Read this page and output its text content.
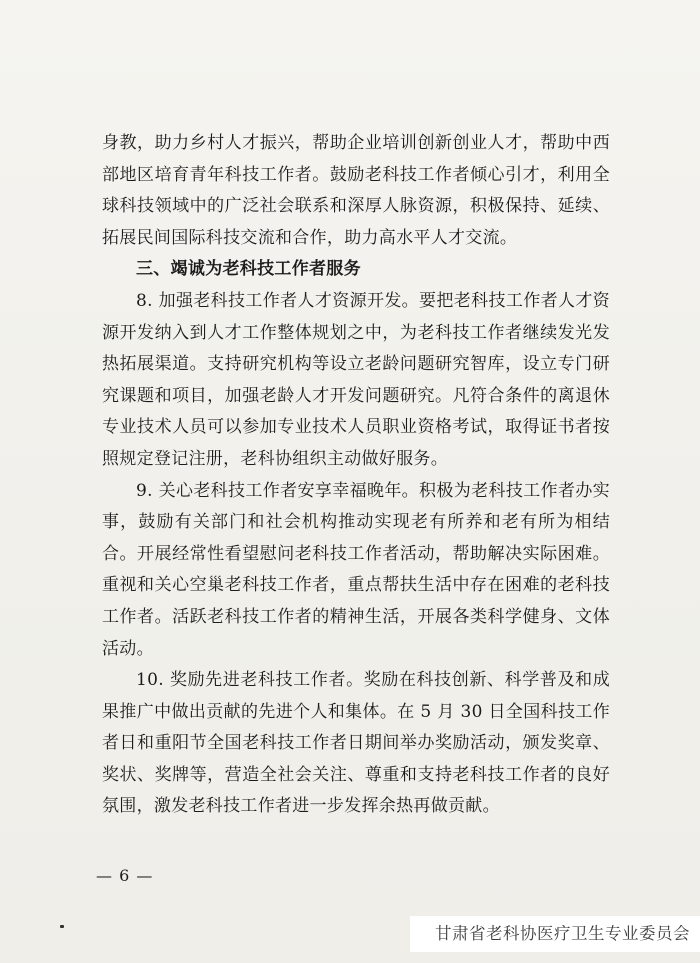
身教，助力乡村人才振兴，帮助企业培训创新创业人才，帮助中西部地区培育青年科技工作者。鼓励老科技工作者倾心引才，利用全球科技领域中的广泛社会联系和深厚人脉资源，积极保持、延续、拓展民间国际科技交流和合作，助力高水平人才交流。

三、竭诚为老科技工作者服务

8. 加强老科技工作者人才资源开发。要把老科技工作者人才资源开发纳入到人才工作整体规划之中，为老科技工作者继续发光发热拓展渠道。支持研究机构等设立老龄问题研究智库，设立专门研究课题和项目，加强老龄人才开发问题研究。凡符合条件的离退休专业技术人员可以参加专业技术人员职业资格考试，取得证书者按照规定登记注册，老科协组织主动做好服务。

9. 关心老科技工作者安享幸福晚年。积极为老科技工作者办实事，鼓励有关部门和社会机构推动实现老有所养和老有所为相结合。开展经常性看望慰问老科技工作者活动，帮助解决实际困难。重视和关心空巢老科技工作者，重点帮扶生活中存在困难的老科技工作者。活跃老科技工作者的精神生活，开展各类科学健身、文体活动。

10. 奖励先进老科技工作者。奖励在科技创新、科学普及和成果推广中做出贡献的先进个人和集体。在 5 月 30 日全国科技工作者日和重阳节全国老科技工作者日期间举办奖励活动，颁发奖章、奖状、奖牌等，营造全社会关注、尊重和支持老科技工作者的良好氛围，激发老科技工作者进一步发挥余热再做贡献。

— 6 —
甘肃省老科协医疗卫生专业委员会
